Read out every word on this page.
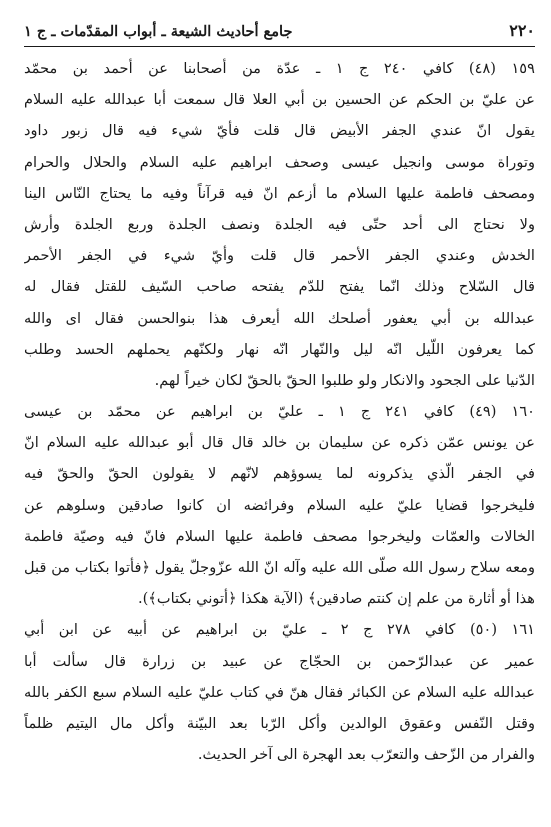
٢٢٠
جامع أحاديث الشيعة ـ أبواب المقدّمات ـ ج ١
١٥٩ (٤٨) كافي ٢٤٠ ج ١ ـ عدّة من أصحابنا عن أحمد بن محمّد
عن عليّ بن الحكم عن الحسين بن أبي العلا قال سمعت أبا عبدالله عليه السلام
يقول انّ عندي الجفر الأبيض قال قلت فأيّ شيء فيه قال زبور داود
وتوراة موسى وانجيل عيسى وصحف ابراهيم عليه السلام والحلال والحرام
ومصحف فاطمة عليها السلام ما أزعم انّ فيه قرآناً وفيه ما يحتاج النّاس الينا
ولا نحتاج الى أحد حتّى فيه الجلدة ونصف الجلدة وربع الجلدة وأرش
الخدش وعندي الجفر الأحمر قال قلت وأيّ شيء في الجفر الأحمر
قال السّلاح وذلك انّما يفتح للدّم يفتحه صاحب السّيف للقتل فقال له
عبدالله بن أبي يعفور أصلحك الله أيعرف هذا بنوالحسن فقال اى والله
كما يعرفون اللّيل انّه ليل والنّهار انّه نهار ولكنّهم يحملهم الحسد وطلب
الدّنيا على الجحود والانكار ولو طلبوا الحقّ بالحقّ لكان خيراً لهم.
١٦٠ (٤٩) كافي ٢٤١ ج ١ ـ عليّ بن ابراهيم عن محمّد بن عيسى
عن يونس عمّن ذكره عن سليمان بن خالد قال قال أبو عبدالله عليه السلام انّ
في الجفر الّذي يذكرونه لما يسوؤهم لانّهم لا يقولون الحقّ والحقّ فيه
فليخرجوا قضايا عليّ عليه السلام وفرائضه ان كانوا صادقين وسلوهم عن
الخالات والعمّات وليخرجوا مصحف فاطمة عليها السلام فانّ فيه وصيّة فاطمة
ومعه سلاح رسول الله صلّى الله عليه وآله انّ الله عزّوجلّ يقول ﴿فأتوا بكتاب من قبل
هذا أو أثارة من علم إن كنتم صادقين﴾ (الآية هكذا ﴿أتوني بكتاب﴾).
١٦١ (٥٠) كافي ٢٧٨ ج ٢ ـ عليّ بن ابراهيم عن أبيه عن ابن أبي
عمير عن عبدالرّحمن بن الحجّاج عن عبيد بن زرارة قال سألت أبا
عبدالله عليه السلام عن الكبائر فقال هنّ في كتاب عليّ عليه السلام سبع الكفر بالله
وقتل النّفس وعقوق الوالدين وأكل الرّبا بعد البيّنة وأكل مال اليتيم ظلماً
والفرار من الزّحف والتعرّب بعد الهجرة الى آخر الحديث.
